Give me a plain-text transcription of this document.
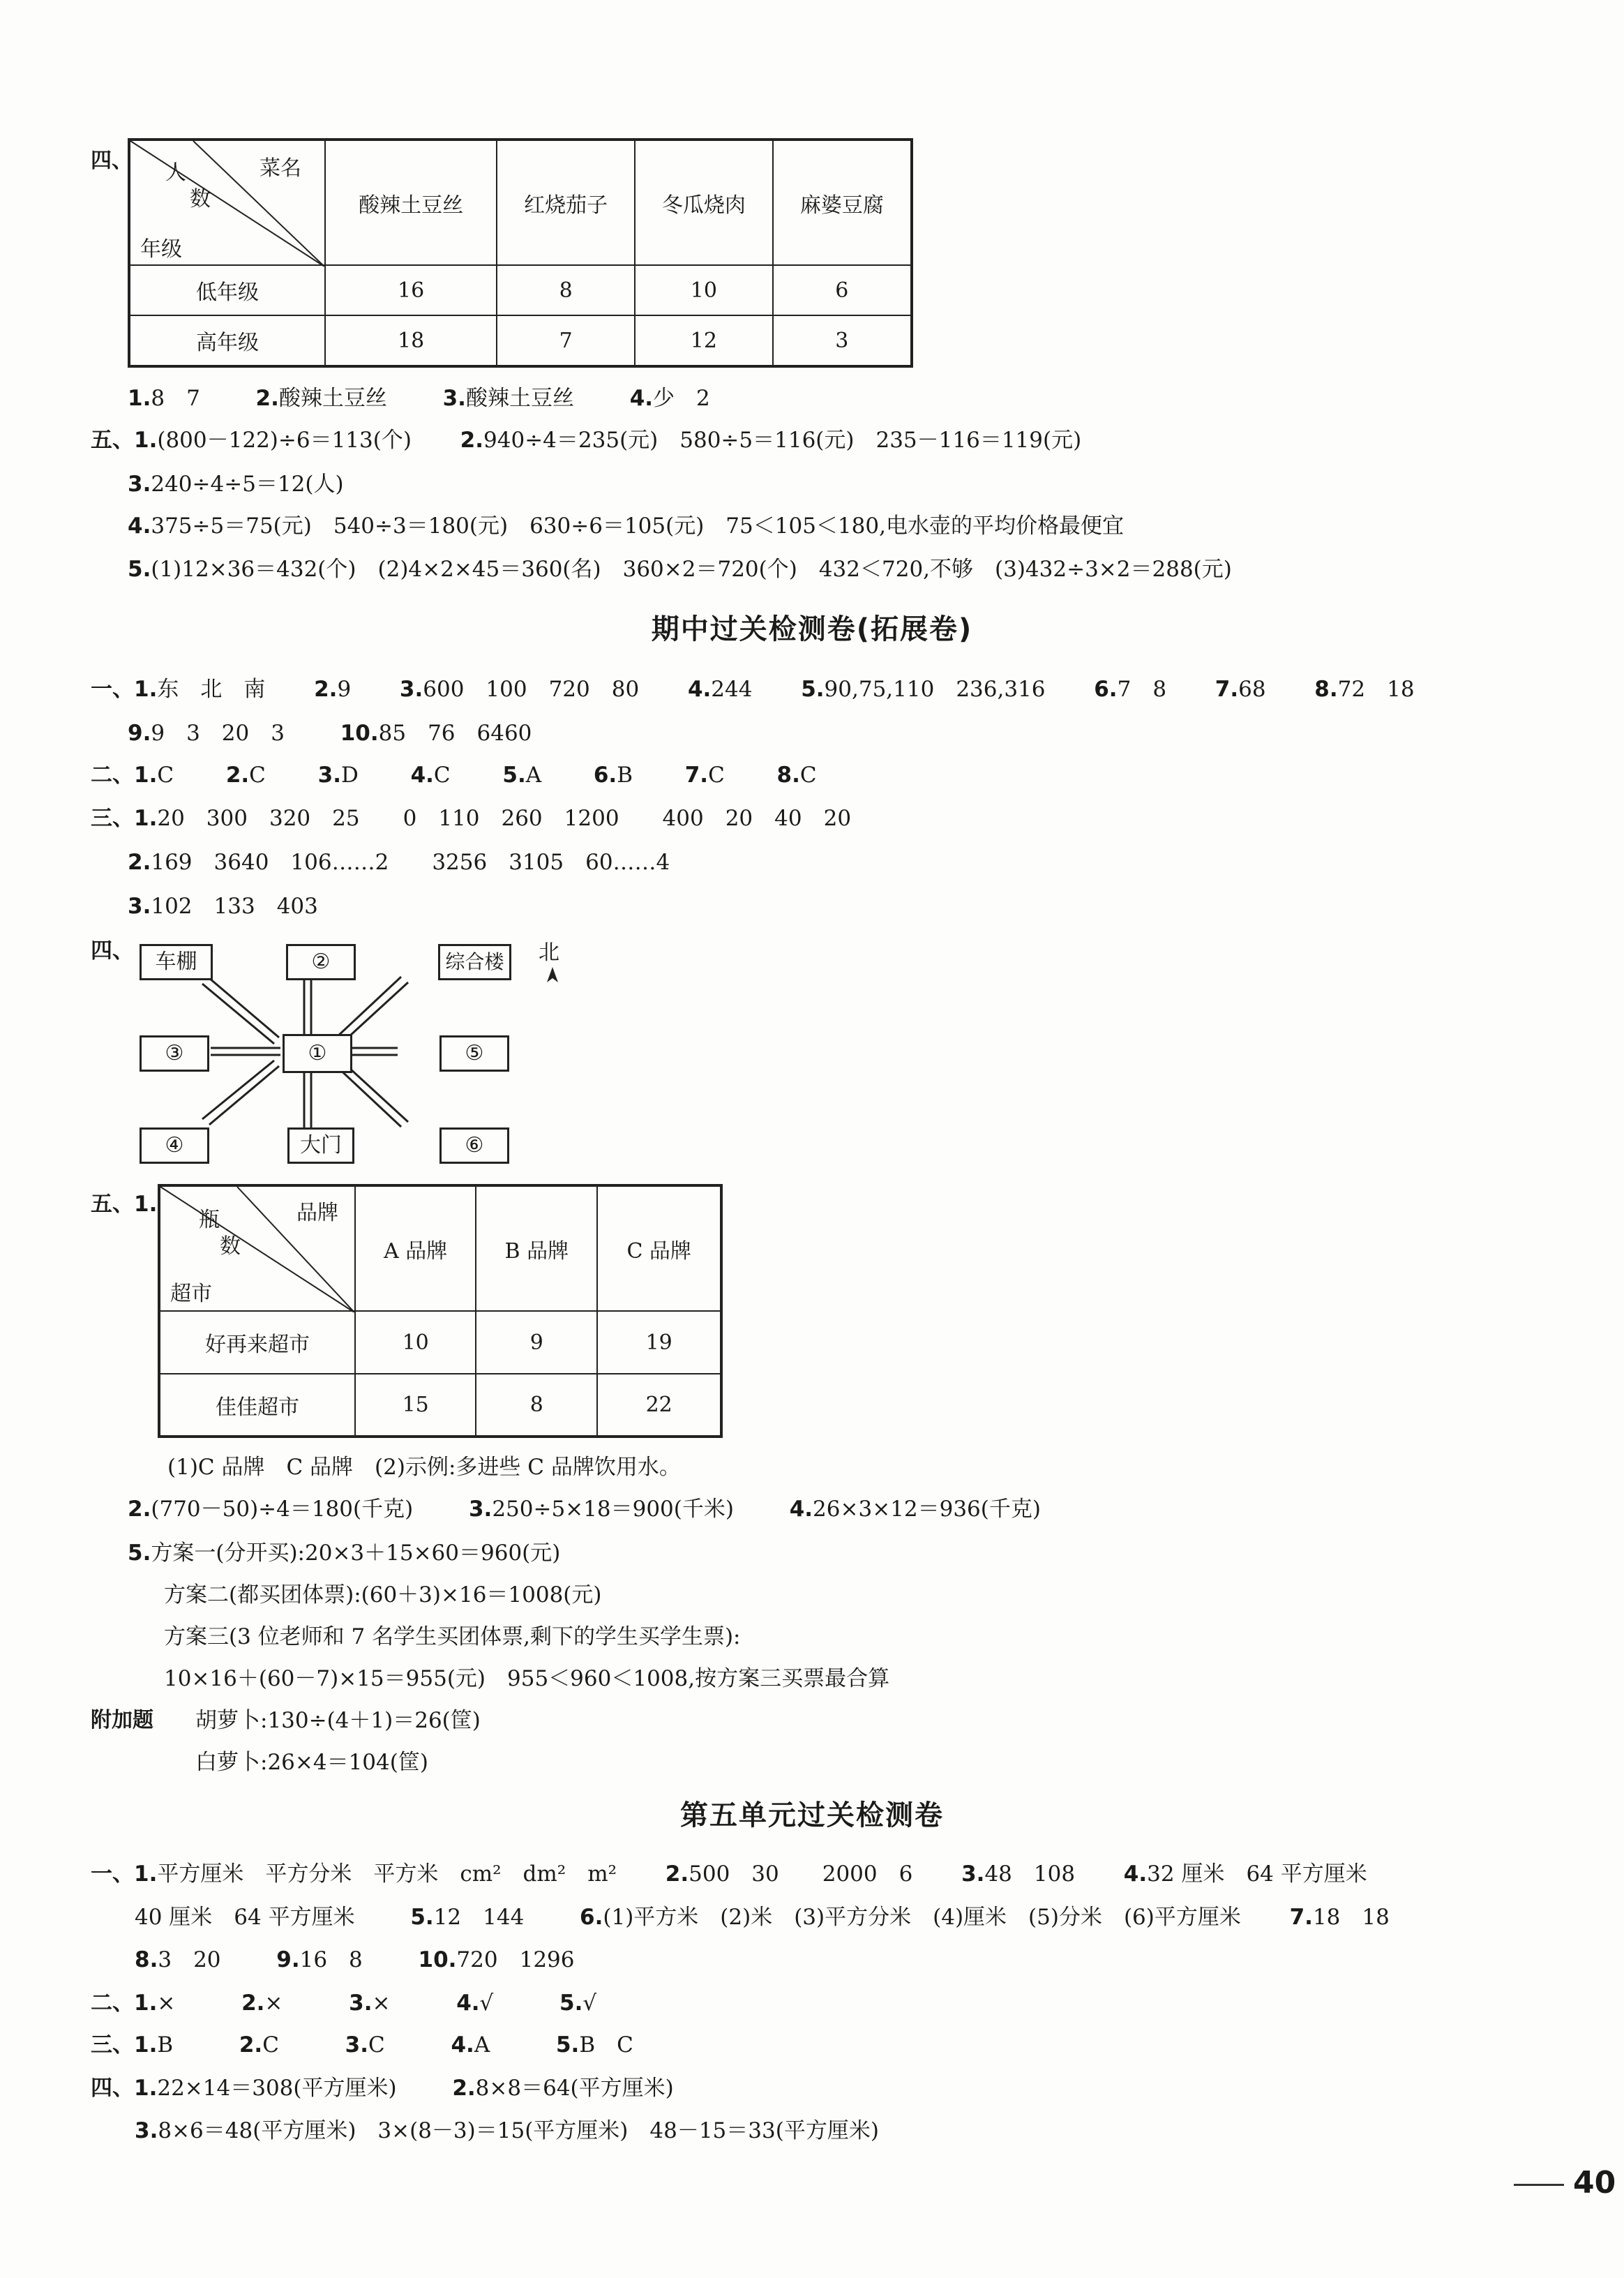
四、	菜名
人
数
年级	酸辣土豆丝	红烧茄子	冬瓜烧肉	麻婆豆腐
低年级	16	8	10	6
高年级	18	7	12	3
1.8　7	2.酸辣土豆丝	3.酸辣土豆丝	4.少　2
五、1.(800－122)÷6＝113(个) 2.940÷4＝235(元)　580÷5＝116(元)　235－116＝119(元)
3.240÷4÷5＝12(人)
4.375÷5＝75(元)　540÷3＝180(元)　630÷6＝105(元)　75＜105＜180,电水壶的平均价格最便宜
5.(1)12×36＝432(个)　(2)4×2×45＝360(名)　360×2＝720(个)　432＜720,不够　(3)432÷3×2＝288(元)
期中过关检测卷(拓展卷)
一、1.东　北　南 2.9 3.600　100　720　80 4.244 5.90,75,110　236,316 6.7　8 7.68 8.72　18
9.9　3　20　3	10.85　76　6460
二、1.C 2.C 3.D 4.C 5.A 6.B 7.C 8.C
三、1.20　300　320　25　　0　110　260　1200　　400　20　40　20
2.169　3640　106……2　　3256　3105　60……4
3.102　133　403
四、	车棚	②	综合楼	北
③	①	⑤
④	大门	⑥
五、1.	品牌
瓶
数
超市	A 品牌	B 品牌	C 品牌
好再来超市	10	9	19
佳佳超市	15	8	22
(1)C 品牌　C 品牌　(2)示例:多进些 C 品牌饮用水。
2.(770－50)÷4＝180(千克)	3.250÷5×18＝900(千米)	4.26×3×12＝936(千克)
5.方案一(分开买):20×3＋15×60＝960(元)
方案二(都买团体票):(60＋3)×16＝1008(元)
方案三(3 位老师和 7 名学生买团体票,剩下的学生买学生票):
10×16＋(60－7)×15＝955(元)　955＜960＜1008,按方案三买票最合算
附加题 胡萝卜:130÷(4＋1)＝26(筐)
白萝卜:26×4＝104(筐)
第五单元过关检测卷
一、1.平方厘米　平方分米　平方米　cm²　dm²　m² 2.500　30　　2000　6 3.48　108 4.32 厘米　64 平方厘米
40 厘米　64 平方厘米	5.12　144	6.(1)平方米　(2)米　(3)平方分米　(4)厘米　(5)分米　(6)平方厘米 7.18　18
8.3　20	9.16　8	10.720　1296
二、1.×	2.×	3.×	4.√	5.√
三、1.B	2.C	3.C	4.A	5.B　C
四、1.22×14＝308(平方厘米)	2.8×8＝64(平方厘米)
3.8×6＝48(平方厘米)　3×(8－3)＝15(平方厘米)　48－15＝33(平方厘米)
40
